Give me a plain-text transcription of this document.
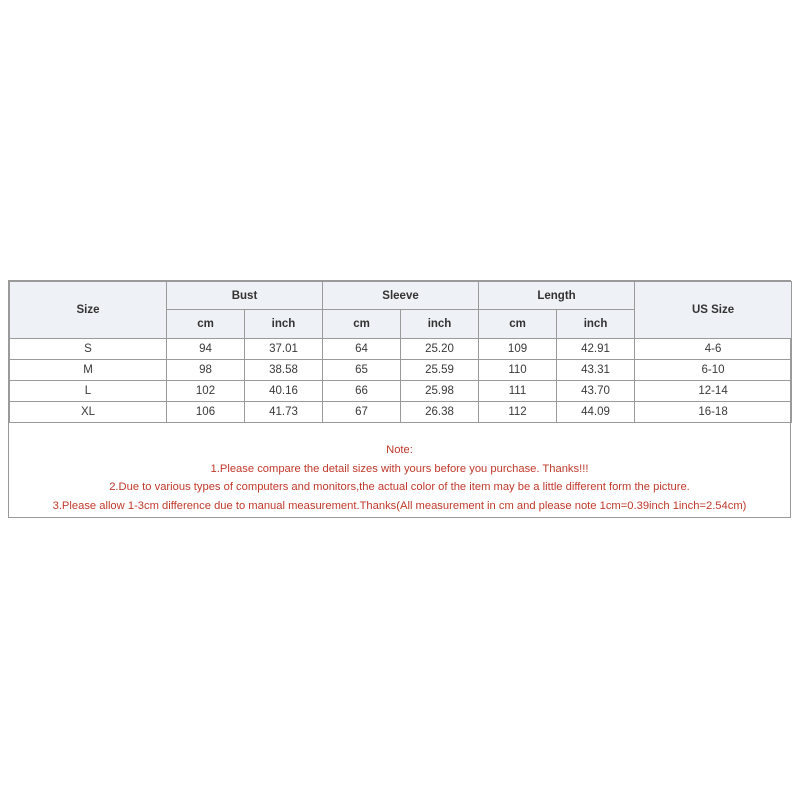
Size	Bust		Sleeve		Length		US Size
	cm	inch	cm	inch	cm	inch	
S	94	37.01	64	25.20	109	42.91	4-6
M	98	38.58	65	25.59	110	43.31	6-10
L	102	40.16	66	25.98	111	43.70	12-14
XL	106	41.73	67	26.38	112	44.09	16-18
Note:
1.Please compare the detail sizes with yours before you purchase. Thanks!!!
2.Due to various types of computers and monitors,the actual color of the item may be a little different form the picture.
3.Please allow 1-3cm difference due to manual measurement.Thanks(All measurement in cm and please note 1cm=0.39inch 1inch=2.54cm)
